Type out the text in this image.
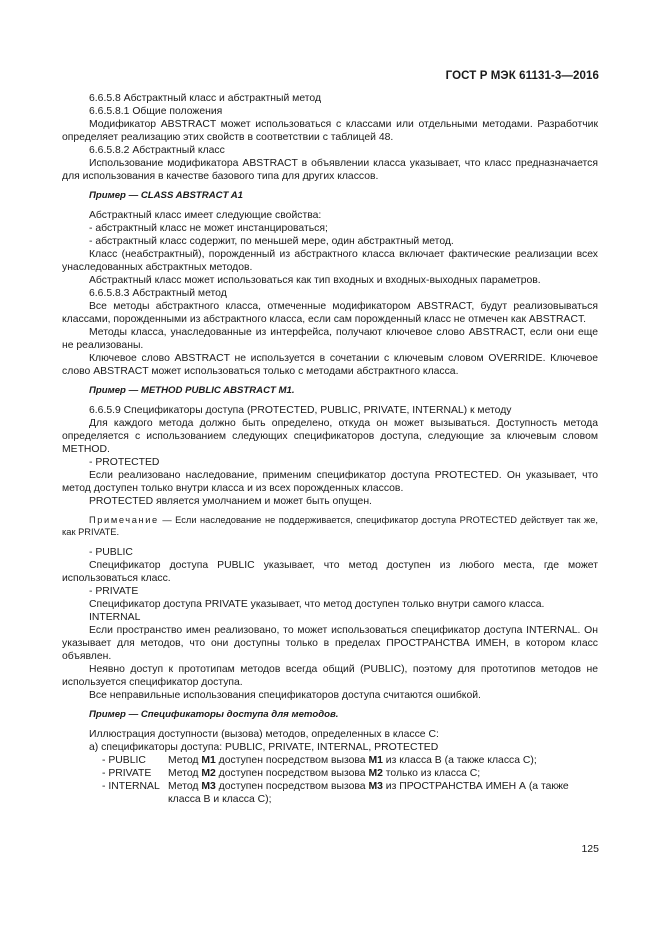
ГОСТ Р МЭК 61131-3—2016

6.6.5.8 Абстрактный класс и абстрактный метод

6.6.5.8.1 Общие положения

Модификатор ABSTRACT может использоваться с классами или отдельными методами. Разработчик определяет реализацию этих свойств в соответствии с таблицей 48.

6.6.5.8.2 Абстрактный класс

Использование модификатора ABSTRACT в объявлении класса указывает, что класс предназначается для использования в качестве базового типа для других классов.

Пример — CLASS ABSTRACT A1

Абстрактный класс имеет следующие свойства:

- абстрактный класс не может инстанцироваться;

- абстрактный класс содержит, по меньшей мере, один абстрактный метод.

Класс (неабстрактный), порожденный из абстрактного класса включает фактические реализации всех унаследованных абстрактных методов.

Абстрактный класс может использоваться как тип входных и входных-выходных параметров.

6.6.5.8.3 Абстрактный метод

Все методы абстрактного класса, отмеченные модификатором ABSTRACT, будут реализовываться классами, порожденными из абстрактного класса, если сам порожденный класс не отмечен как ABSTRACT.

Методы класса, унаследованные из интерфейса, получают ключевое слово ABSTRACT, если они еще не реализованы.

Ключевое слово ABSTRACT не используется в сочетании с ключевым словом OVERRIDE. Ключевое слово ABSTRACT может использоваться только с методами абстрактного класса.

Пример — METHOD PUBLIC ABSTRACT M1.

6.6.5.9 Спецификаторы доступа (PROTECTED, PUBLIC, PRIVATE, INTERNAL) к методу

Для каждого метода должно быть определено, откуда он может вызываться. Доступность метода определяется с использованием следующих спецификаторов доступа, следующие за ключевым словом METHOD.

- PROTECTED

Если реализовано наследование, применим спецификатор доступа PROTECTED. Он указывает, что метод доступен только внутри класса и из всех порожденных классов.

PROTECTED является умолчанием и может быть опущен.

Примечание — Если наследование не поддерживается, спецификатор доступа PROTECTED действует так же, как PRIVATE.

- PUBLIC

Спецификатор доступа PUBLIC указывает, что метод доступен из любого места, где может использоваться класс.

- PRIVATE

Спецификатор доступа PRIVATE указывает, что метод доступен только внутри самого класса.

INTERNAL

Если пространство имен реализовано, то может использоваться спецификатор доступа INTERNAL. Он указывает для методов, что они доступны только в пределах ПРОСТРАНСТВА ИМЕН, в котором класс объявлен.

Неявно доступ к прототипам методов всегда общий (PUBLIC), поэтому для прототипов методов не используется спецификатор доступа.

Все неправильные использования спецификаторов доступа считаются ошибкой.

Пример — Спецификаторы доступа для методов.

Иллюстрация доступности (вызова) методов, определенных в классе С:

а) спецификаторы доступа: PUBLIC, PRIVATE, INTERNAL, PROTECTED

- PUBLIC	Метод M1 доступен посредством вызова M1 из класса В (а также класса С);
- PRIVATE	Метод M2 доступен посредством вызова M2 только из класса С;
- INTERNAL Метод M3 доступен посредством вызова M3 из ПРОСТРАНСТВА ИМЕН А (а также класса В и класса С);
125
